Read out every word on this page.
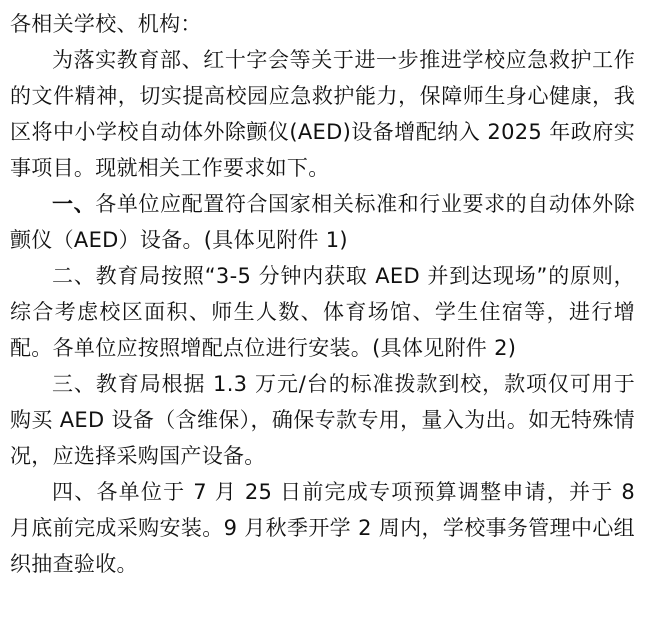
各相关学校、机构：

为落实教育部、红十字会等关于进一步推进学校应急救护工作的文件精神，切实提高校园应急救护能力，保障师生身心健康，我区将中小学校自动体外除颤仪(AED)设备增配纳入 2025 年政府实事项目。现就相关工作要求如下。

一、各单位应配置符合国家相关标准和行业要求的自动体外除颤仪（AED）设备。(具体见附件 1)

二、教育局按照“3-5 分钟内获取 AED 并到达现场”的原则，综合考虑校区面积、师生人数、体育场馆、学生住宿等，进行增配。各单位应按照增配点位进行安装。(具体见附件 2)

三、教育局根据 1.3 万元/台的标准拨款到校，款项仅可用于购买 AED 设备（含维保），确保专款专用，量入为出。如无特殊情况，应选择采购国产设备。

四、各单位于 7 月 25 日前完成专项预算调整申请，并于 8 月底前完成采购安装。9 月秋季开学 2 周内，学校事务管理中心组织抽查验收。
